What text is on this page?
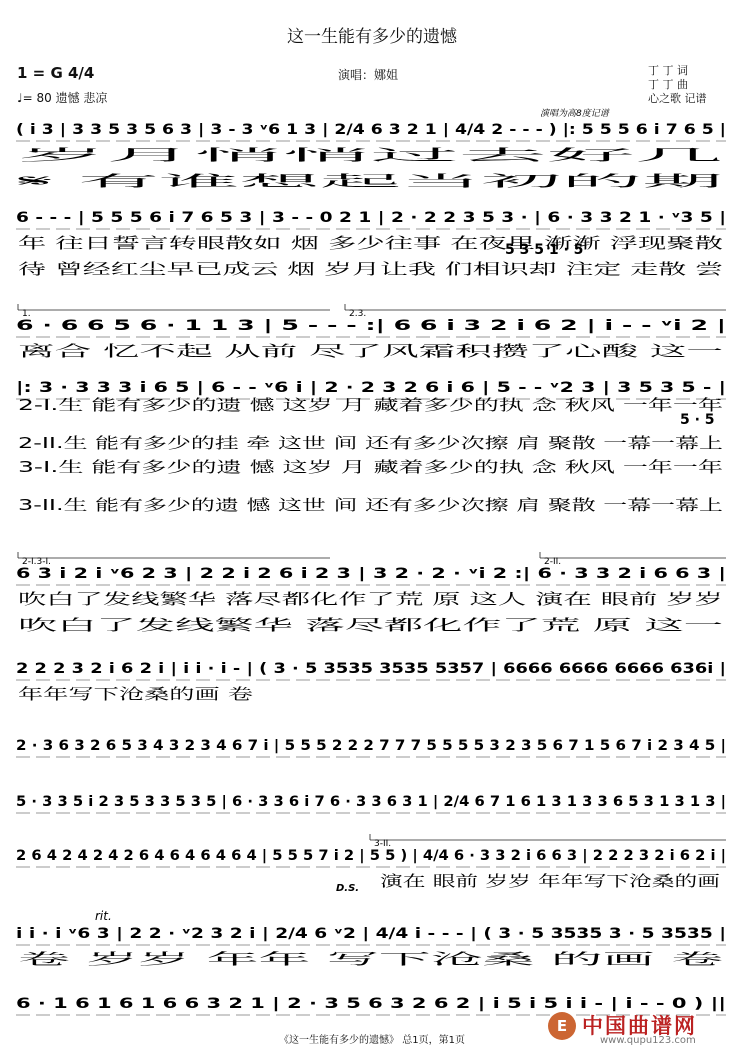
这一生能有多少的遗憾
1 = G 4/4
♩= 80 遗憾 悲凉
演唱：娜姐	丁 丁 词
丁 丁 曲
心之歌 记谱
演唱为高8度记谱
( i 3 | 3 3 5 3 5 6 3 | 3 - 3 ᵛ6 1 3 | 2/4 6 3 2 1 | 4/4 2 - - - ) |: 5 5 5 6 i 7 6 5 |
岁月悄悄过去好几
𝄋 有谁想起当初的期
5 3 5 1 · 5
6 - - - | 5 5 5 6 i 7 6 5 3 | 3 - - 0 2 1 | 2 · 2 2 3 5 3 · | 6 · 3 3 2 1 · ᵛ3 5 |
年 往日誓言转眼散如 烟 多少往事 在夜里 渐渐 浮现聚散
待 曾经红尘早已成云 烟 岁月让我 们相识却 注定 走散 尝
1.	2.3.
6 · 6 6 5 6 · 1 1 3 | 5 - - - :| 6 6 i 3 2 i 6 2 | i - - ᵛi 2 |
离合 忆不起 从前 尽了风霜积攒了心酸 这一
5 · 5
|: 3 · 3 3 3 i 6 5 | 6 - - ᵛ6 i | 2 · 2 3 2 6 i 6 | 5 - - ᵛ2 3 | 3 5 3 5 - |
2-I.生 能有多少的遗 憾 这岁 月 藏着多少的执 念 秋风 一年一年
2-II.生 能有多少的挂 牵 这世 间 还有多少次擦 肩 聚散 一幕一幕上
3-I.生 能有多少的遗 憾 这岁 月 藏着多少的执 念 秋风 一年一年
3-II.生 能有多少的遗 憾 这世 间 还有多少次擦 肩 聚散 一幕一幕上
2-I.3-I.	2-II.
6 3 i 2 i ᵛ6 2 3 | 2 2 i 2 6 i 2 3 | 3 2 · 2 · ᵛi 2 :| 6 · 3 3 2 i 6 6 3 |
吹白了发线繁华 落尽都化作了荒 原 这人 演在 眼前 岁岁
吹白了发线繁华 落尽都化作了荒 原 这一
2 2 2 3 2 i 6 2 i | i i · i - | ( 3 · 5 3535 3535 5357 | 6666 6666 6666 636i |
年年写下沧桑的画 卷
2 · 3 6 3 2 6 5 3 4 3 2 3 4 6 7 i | 5 5 5 2 2 2 7 7 7 5 5 5 5 3 2 3 5 6 7 1 5 6 7 i 2 3 4 5 |
5 · 3 3 5 i 2 3 5 3 3 5 3 5 | 6 · 3 3 6 i 7 6 · 3 3 6 3 1 | 2/4 6 7 1 6 1 3 1 3 3 6 5 3 1 3 1 3 |
3-II.
2 6 4 2 4 2 4 2 6 4 6 4 6 4 6 4 | 5 5 5 7 i 2 | 5 5 ) | 4/4 6 · 3 3 2 i 6 6 3 | 2 2 2 3 2 i 6 2 i |
D.S. 演在 眼前 岁岁 年年写下沧桑的画
rit.
i i · i ᵛ6 3 | 2 2 · ᵛ2 3 2 i | 2/4 6 ᵛ2 | 4/4 i - - - | ( 3 · 5 3535 3 · 5 3535 |
卷 岁岁 年年 写下沧桑 的画 卷
6 · 1 6 1 6 1 6 6 3 2 1 | 2 · 3 5 6 3 2 6 2 | i 5 i 5 i i - | i - - 0 ) ||
《这一生能有多少的遗憾》 总1页，第1页
E 中国曲谱网
www.qupu123.com
